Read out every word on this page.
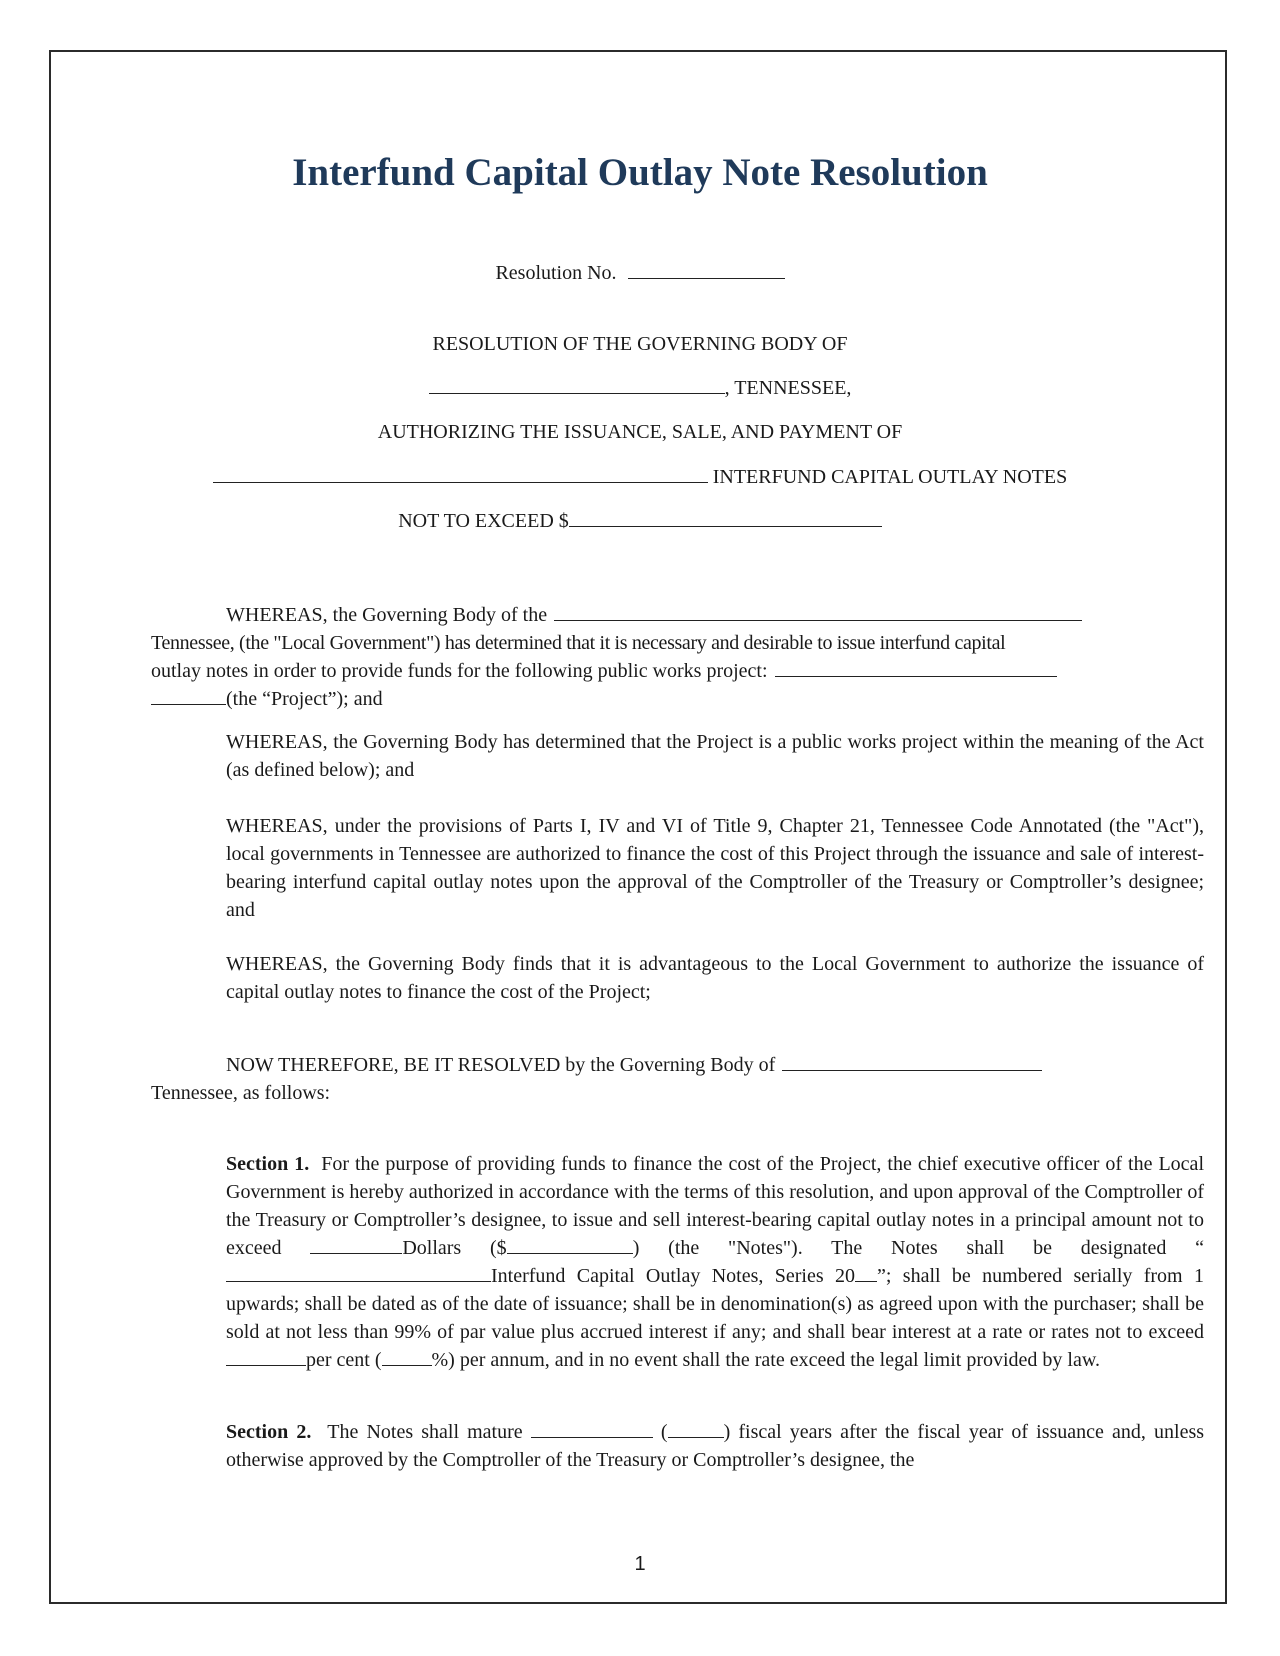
Interfund Capital Outlay Note Resolution
Resolution No.
RESOLUTION OF THE GOVERNING BODY OF
, TENNESSEE,
AUTHORIZING THE ISSUANCE, SALE, AND PAYMENT OF
INTERFUND CAPITAL OUTLAY NOTES
NOT TO EXCEED $
WHEREAS, the Governing Body of the
Tennessee, (the "Local Government") has determined that it is necessary and desirable to issue interfund capital
outlay notes in order to provide funds for the following public works project:
(the “Project”); and

WHEREAS, the Governing Body has determined that the Project is a public works project within the meaning of the Act (as defined below); and

WHEREAS, under the provisions of Parts I, IV and VI of Title 9, Chapter 21, Tennessee Code Annotated (the "Act"), local governments in Tennessee are authorized to finance the cost of this Project through the issuance and sale of interest-bearing interfund capital outlay notes upon the approval of the Comptroller of the Treasury or Comptroller’s designee; and

WHEREAS, the Governing Body finds that it is advantageous to the Local Government to authorize the issuance of capital outlay notes to finance the cost of the Project;

NOW THEREFORE, BE IT RESOLVED by the Governing Body of
Tennessee, as follows:

Section 1. For the purpose of providing funds to finance the cost of the Project, the chief executive officer of the Local Government is hereby authorized in accordance with the terms of this resolution, and upon approval of the Comptroller of the Treasury or Comptroller’s designee, to issue and sell interest-bearing capital outlay notes in a principal amount not to exceed	Dollars ($	) (the "Notes"). The Notes shall be designated “Interfund Capital Outlay Notes, Series 20 ”; shall be numbered serially from 1 upwards; shall be dated as of the date of issuance; shall be in denomination(s) as agreed upon with the purchaser; shall be sold at not less than 99% of par value plus accrued interest if any; and shall bear interest at a rate or rates not to exceed per cent (	%) per annum, and in no event shall the rate exceed the legal limit provided by law.

Section 2. The Notes shall mature	(	) fiscal years after the fiscal year of issuance and, unless otherwise approved by the Comptroller of the Treasury or Comptroller’s designee, the

1
